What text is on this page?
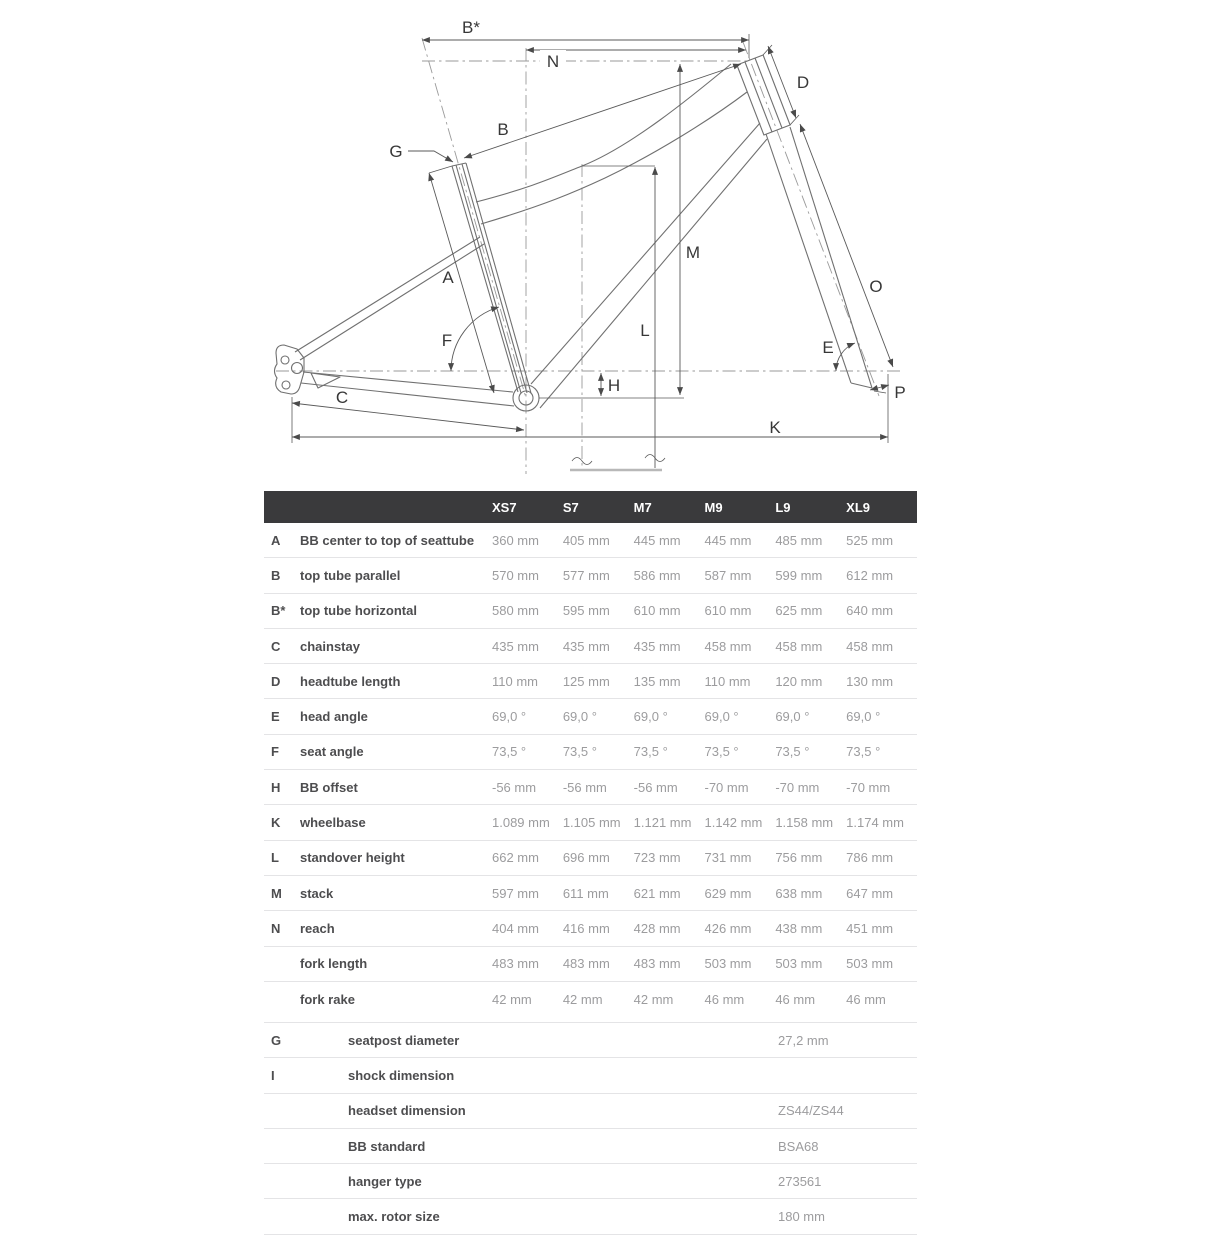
B*
N
D
B
G
A
M
O
F
L
E
H	P
C
K
XS7	S7	M7	M9	L9	XL9
A	BB center to top of seattube	360 mm	405 mm	445 mm	445 mm	485 mm	525 mm
B	top tube parallel	570 mm	577 mm	586 mm	587 mm	599 mm	612 mm
B*	top tube horizontal	580 mm	595 mm	610 mm	610 mm	625 mm	640 mm
C	chainstay	435 mm	435 mm	435 mm	458 mm	458 mm	458 mm
D	headtube length	110 mm	125 mm	135 mm	110 mm	120 mm	130 mm
E	head angle	69,0 °	69,0 °	69,0 °	69,0 °	69,0 °	69,0 °
F	seat angle	73,5 °	73,5 °	73,5 °	73,5 °	73,5 °	73,5 °
H	BB offset	-56 mm	-56 mm	-56 mm	-70 mm	-70 mm	-70 mm
K	wheelbase	1.089 mm	1.105 mm	1.121 mm	1.142 mm	1.158 mm	1.174 mm
L	standover height	662 mm	696 mm	723 mm	731 mm	756 mm	786 mm
M	stack	597 mm	611 mm	621 mm	629 mm	638 mm	647 mm
N	reach	404 mm	416 mm	428 mm	426 mm	438 mm	451 mm
fork length	483 mm	483 mm	483 mm	503 mm	503 mm	503 mm
fork rake	42 mm	42 mm	42 mm	46 mm	46 mm	46 mm
G	seatpost diameter	27,2 mm
I	shock dimension
headset dimension	ZS44/ZS44
BB standard	BSA68
hanger type	273561
max. rotor size	180 mm
